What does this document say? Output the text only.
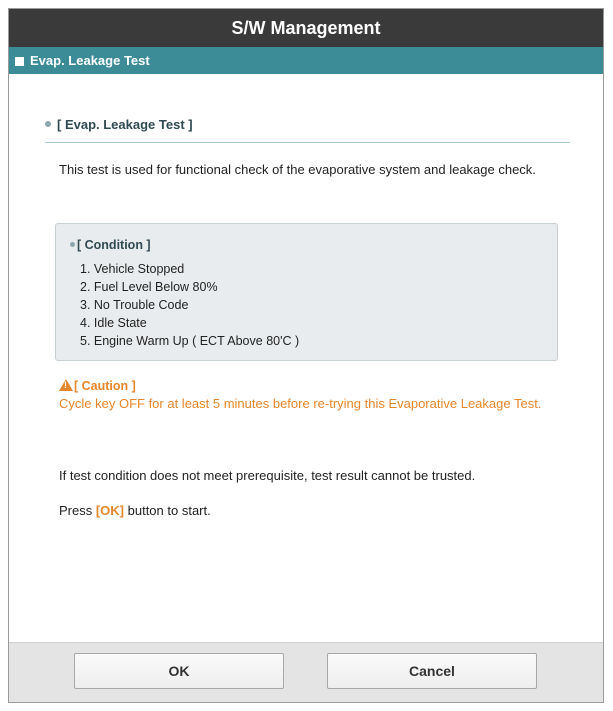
S/W Management
Evap. Leakage Test
[ Evap. Leakage Test ]
This test is used for functional check of the evaporative system and leakage check.
[ Condition ]
1. Vehicle Stopped
2. Fuel Level Below 80%
3. No Trouble Code
4. Idle State
5. Engine Warm Up ( ECT Above 80'C )
![ Caution ]
Cycle key OFF for at least 5 minutes before re-trying this Evaporative Leakage Test.
If test condition does not meet prerequisite, test result cannot be trusted.
Press [OK] button to start.
OK	Cancel
